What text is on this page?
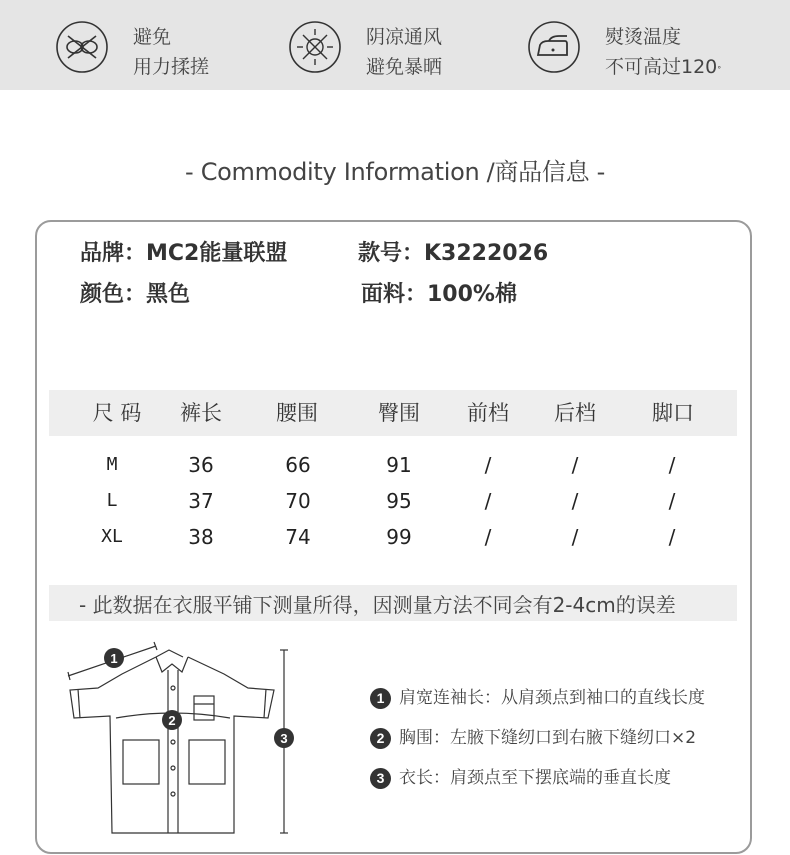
避免
用力揉搓
阴凉通风
避免暴晒
熨烫温度
不可高过120°
- Commodity Information /商品信息 -
品牌：MC2能量联盟	款号：K3222026
颜色：黑色	面料：100%棉
尺 码	裤长	腰围	臀围	前档	后档	脚口
M	36	66	91	/	/	/
L	37	70	95	/	/	/
XL	38	74	99	/	/	/
- 此数据在衣服平铺下测量所得，因测量方法不同会有2-4cm的误差
1
2
3
1 肩宽连袖长：从肩颈点到袖口的直线长度
2 胸围：左腋下缝纫口到右腋下缝纫口×2
3 衣长：肩颈点至下摆底端的垂直长度
